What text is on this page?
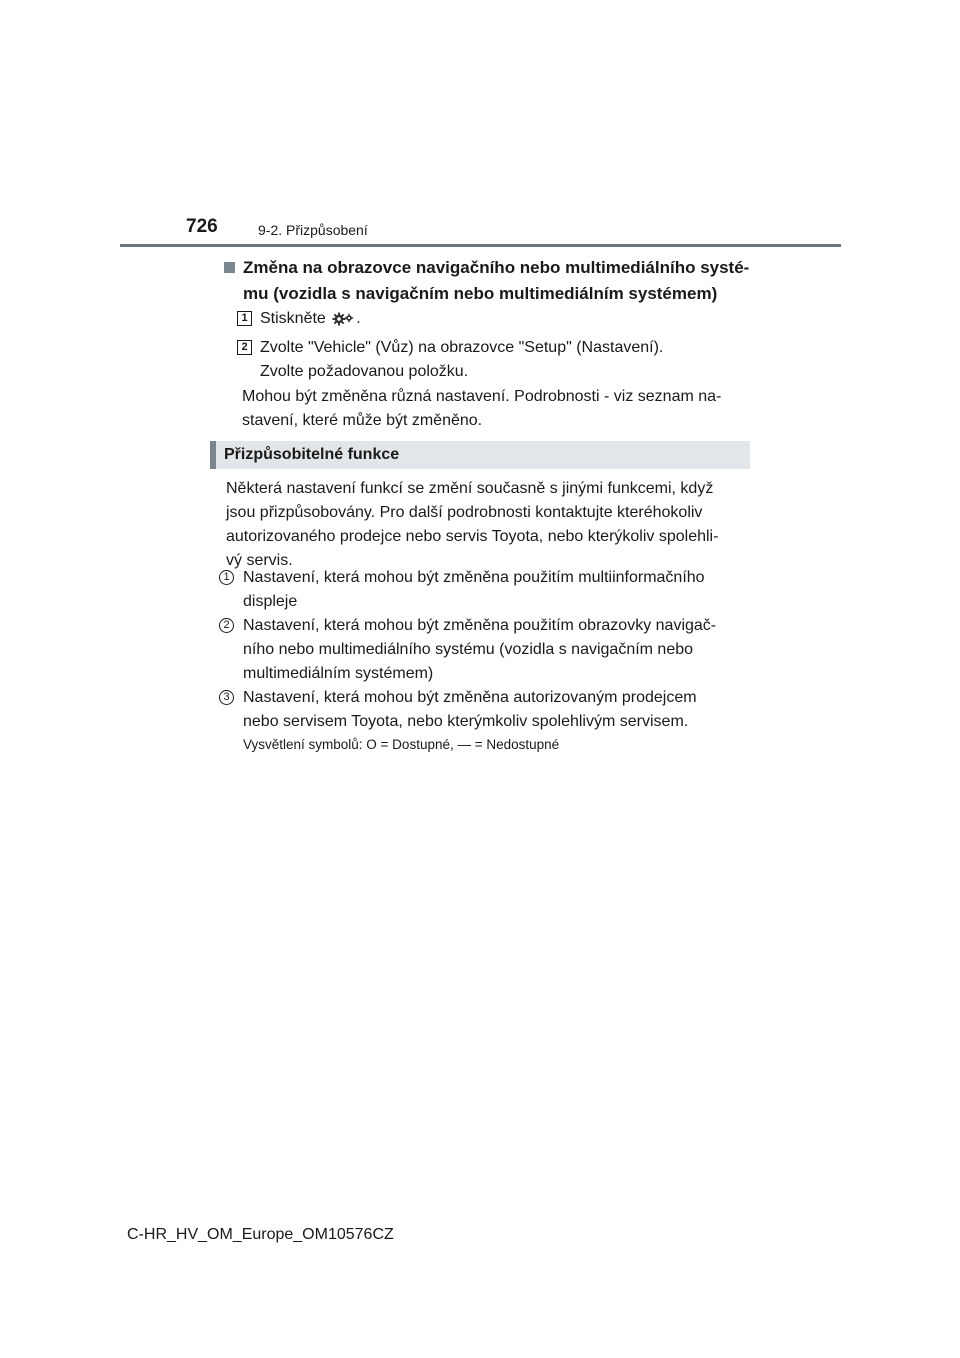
726	9-2. Přizpůsobení
Změna na obrazovce navigačního nebo multimediálního systé-
mu (vozidla s navigačním nebo multimediálním systémem)
1 Stiskněte .
2 Zvolte "Vehicle" (Vůz) na obrazovce "Setup" (Nastavení).
Zvolte požadovanou položku.
Mohou být změněna různá nastavení. Podrobnosti - viz seznam na-
stavení, které může být změněno.
Přizpůsobitelné funkce
Některá nastavení funkcí se změní současně s jinými funkcemi, když
jsou přizpůsobovány. Pro další podrobnosti kontaktujte kteréhokoliv
autorizovaného prodejce nebo servis Toyota, nebo kterýkoliv spolehli-
vý servis.
1 Nastavení, která mohou být změněna použitím multiinformačního
displeje
2 Nastavení, která mohou být změněna použitím obrazovky navigač-
ního nebo multimediálního systému (vozidla s navigačním nebo
multimediálním systémem)
3 Nastavení, která mohou být změněna autorizovaným prodejcem
nebo servisem Toyota, nebo kterýmkoliv spolehlivým servisem.
Vysvětlení symbolů: O = Dostupné, — = Nedostupné
C-HR_HV_OM_Europe_OM10576CZ
